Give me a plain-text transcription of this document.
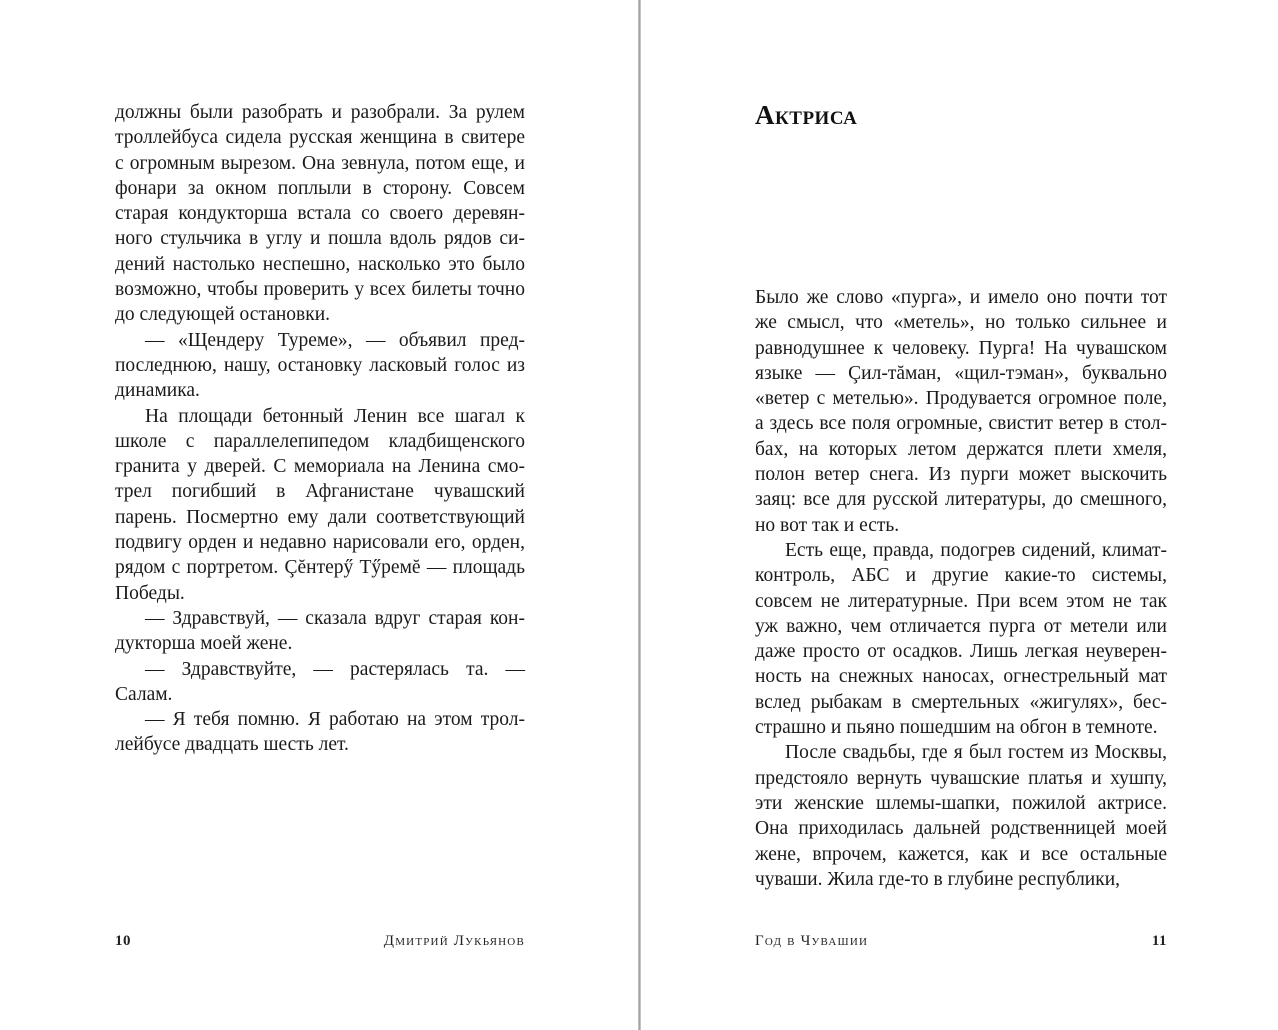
должны были разобрать и разобрали. За рулем троллейбуса сидела русская женщина в свитере с огромным вырезом. Она зевнула, потом еще, и фонари за окном поплыли в сторону. Совсем старая кондукторша встала со своего деревянного стульчика в углу и пошла вдоль рядов сидений настолько неспешно, насколько это было возможно, чтобы проверить у всех билеты точно до следующей остановки.

— «Щендеру Туреме», — объявил предпоследнюю, нашу, остановку ласковый голос из динамика.

На площади бетонный Ленин все шагал к школе с параллелепипедом кладбищенского гранита у дверей. С мемориала на Ленина смотрел погибший в Афганистане чувашский парень. Посмертно ему дали соответствующий подвигу орден и недавно нарисовали его, орден, рядом с портретом. Çĕнтерӳ Тӳремĕ — площадь Победы.

— Здравствуй, — сказала вдруг старая кондукторша моей жене.

— Здравствуйте, — растерялась та. — Салам.

— Я тебя помню. Я работаю на этом троллейбусе двадцать шесть лет.

10	Дмитрий Лукьянов
Актриса

Было же слово «пурга», и имело оно почти тот же смысл, что «метель», но только сильнее и равнодушнее к человеку. Пурга! На чувашском языке — Çил-тăман, «щил-тэман», буквально «ветер с метелью». Продувается огромное поле, а здесь все поля огромные, свистит ветер в столбах, на которых летом держатся плети хмеля, полон ветер снега. Из пурги может выскочить заяц: все для русской литературы, до смешного, но вот так и есть.

Есть еще, правда, подогрев сидений, климат-контроль, АБС и другие какие-то системы, совсем не литературные. При всем этом не так уж важно, чем отличается пурга от метели или даже просто от осадков. Лишь легкая неуверенность на снежных наносах, огнестрельный мат вслед рыбакам в смертельных «жигулях», бесстрашно и пьяно пошедшим на обгон в темноте.

После свадьбы, где я был гостем из Москвы, предстояло вернуть чувашские платья и хушпу, эти женские шлемы-шапки, пожилой актрисе. Она приходилась дальней родственницей моей жене, впрочем, кажется, как и все остальные чуваши. Жила где-то в глубине республики,

Год в Чувашии	11
